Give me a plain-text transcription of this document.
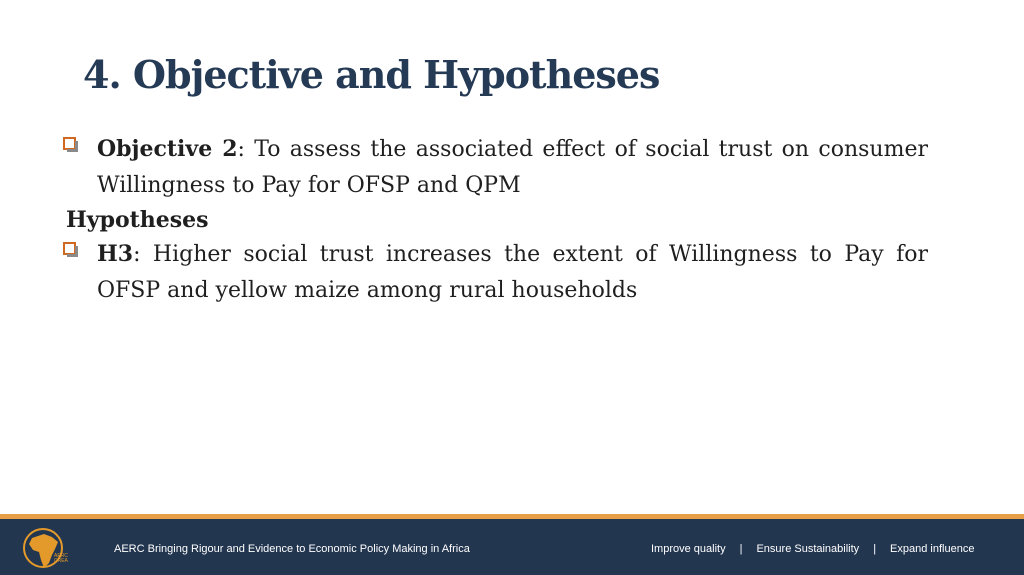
4. Objective and Hypotheses
Objective 2: To assess the associated effect of social trust on consumer Willingness to Pay for OFSP and QPM
Hypotheses
H3: Higher social trust increases the extent of Willingness to Pay for OFSP and yellow maize among rural households
AERC
CREA
AERC Bringing Rigour and Evidence to Economic Policy Making in Africa	Improve quality | Ensure Sustainability | Expand influence
